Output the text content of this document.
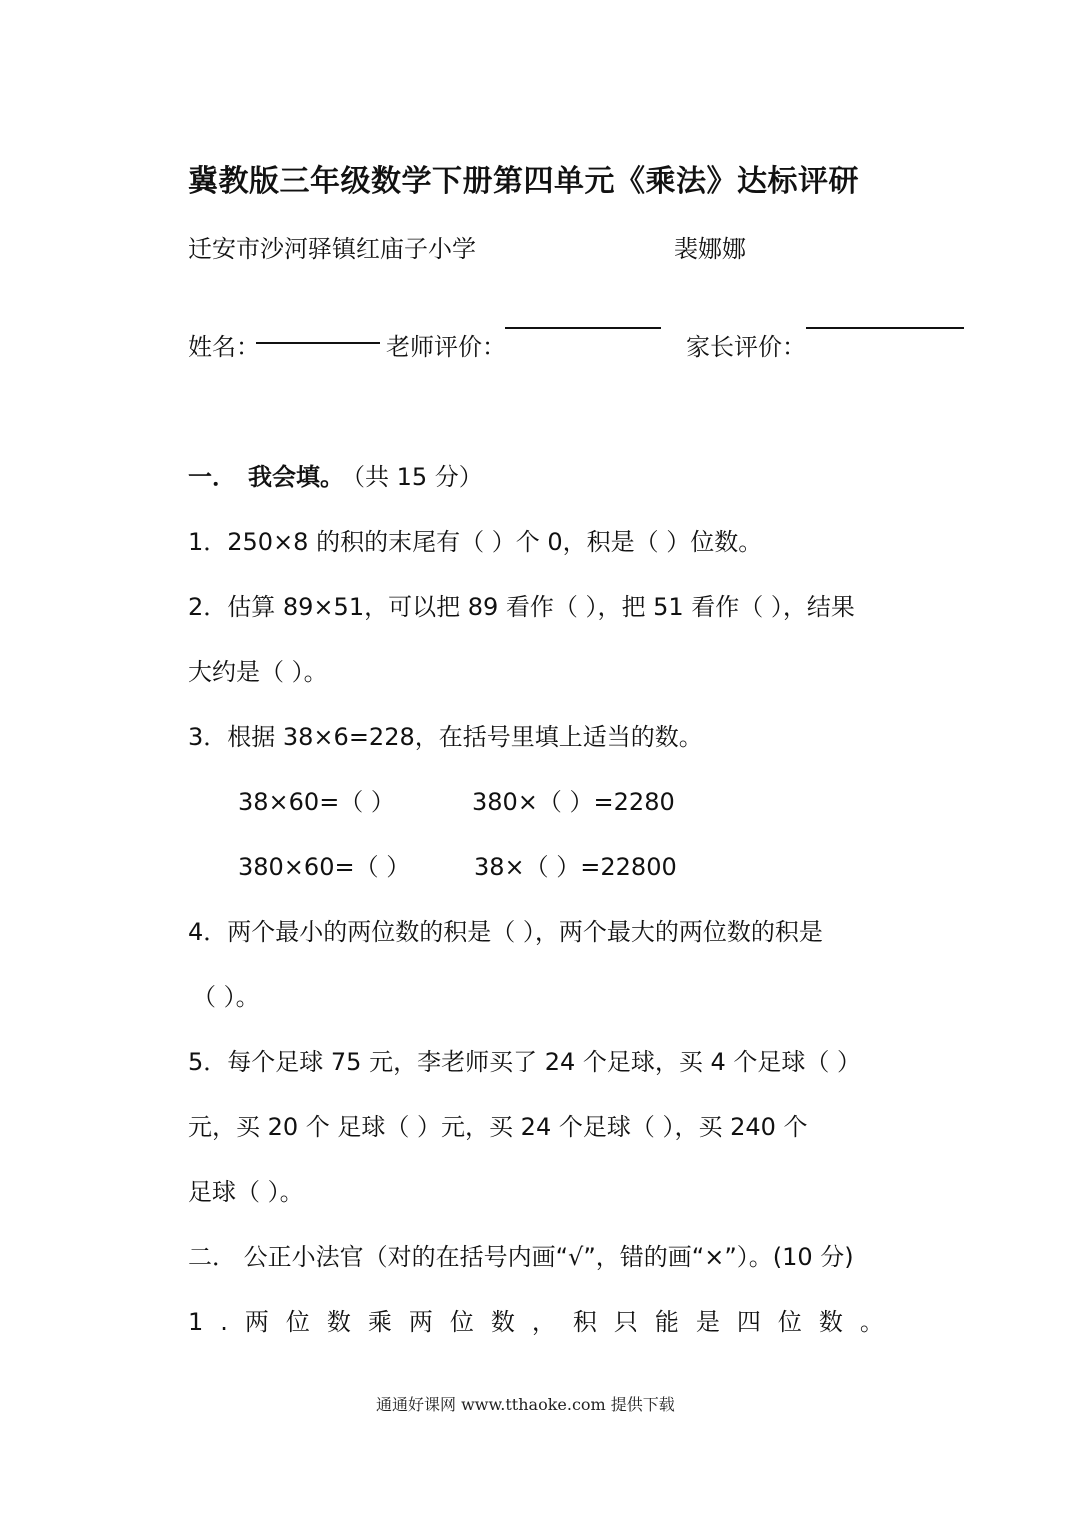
冀教版三年级数学下册第四单元《乘法》达标评研
迁安市沙河驿镇红庙子小学	裴娜娜
姓名：	老师评价：	家长评价：
一． 我会填。
（共 15 分）
1．250×8 的积的末尾有（ ）个 0，积是（ ）位数。
2．估算 89×51，可以把 89 看作（ ），把 51 看作（ ），结果
大约是（ ）。
3．根据 38×6=228，在括号里填上适当的数。
38×60=（ ）	380×（ ）=2280
380×60=（ ）	38×（ ）=22800
4．两个最小的两位数的积是（ ），两个最大的两位数的积是
（ ）。
5．每个足球 75 元，李老师买了 24 个足球，买 4 个足球（ ）
元，买 20 个 足球（ ）元，买 24 个足球（ ），买 240 个
足球（ ）。
二． 公正小法官（对的在括号内画“√”，错的画“×”）。(10 分)
1.两位数乘两位数，积只能是四位数。
通通好课网 www.tthaoke.com 提供下载
